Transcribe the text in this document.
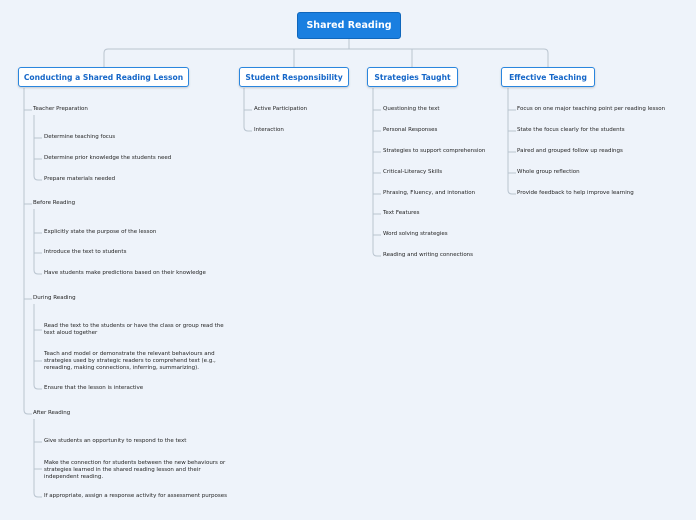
Shared Reading
Conducting a Shared Reading Lesson	Student Responsibility	Strategies Taught	Effective Teaching
Teacher Preparation
Determine teaching focus
Determine prior knowledge the students need
Prepare materials needed
Before Reading
Explicitly state the purpose of the lesson
Introduce the text to students
Have students make predictions based on their knowledge
During Reading
Read the text to the students or have the class or group read the text aloud together
Teach and model or demonstrate the relevant behaviours and strategies used by strategic readers to comprehend text (e.g., rereading, making connections, inferring, summarizing).
Ensure that the lesson is interactive
After Reading
Give students an opportunity to respond to the text
Make the connection for students between the new behaviours or strategies learned in the shared reading lesson and their independent reading.
If appropriate, assign a response activity for assessment purposes
Active Participation
Interaction
Questioning the text
Personal Responses
Strategies to support comprehension
Critical-Literacy Skills
Phrasing, Fluency, and intonation
Text Features
Word solving strategies
Reading and writing connections
Focus on one major teaching point per reading lesson
State the focus clearly for the students
Paired and grouped follow up readings
Whole group reflection
Provide feedback to help improve learning
